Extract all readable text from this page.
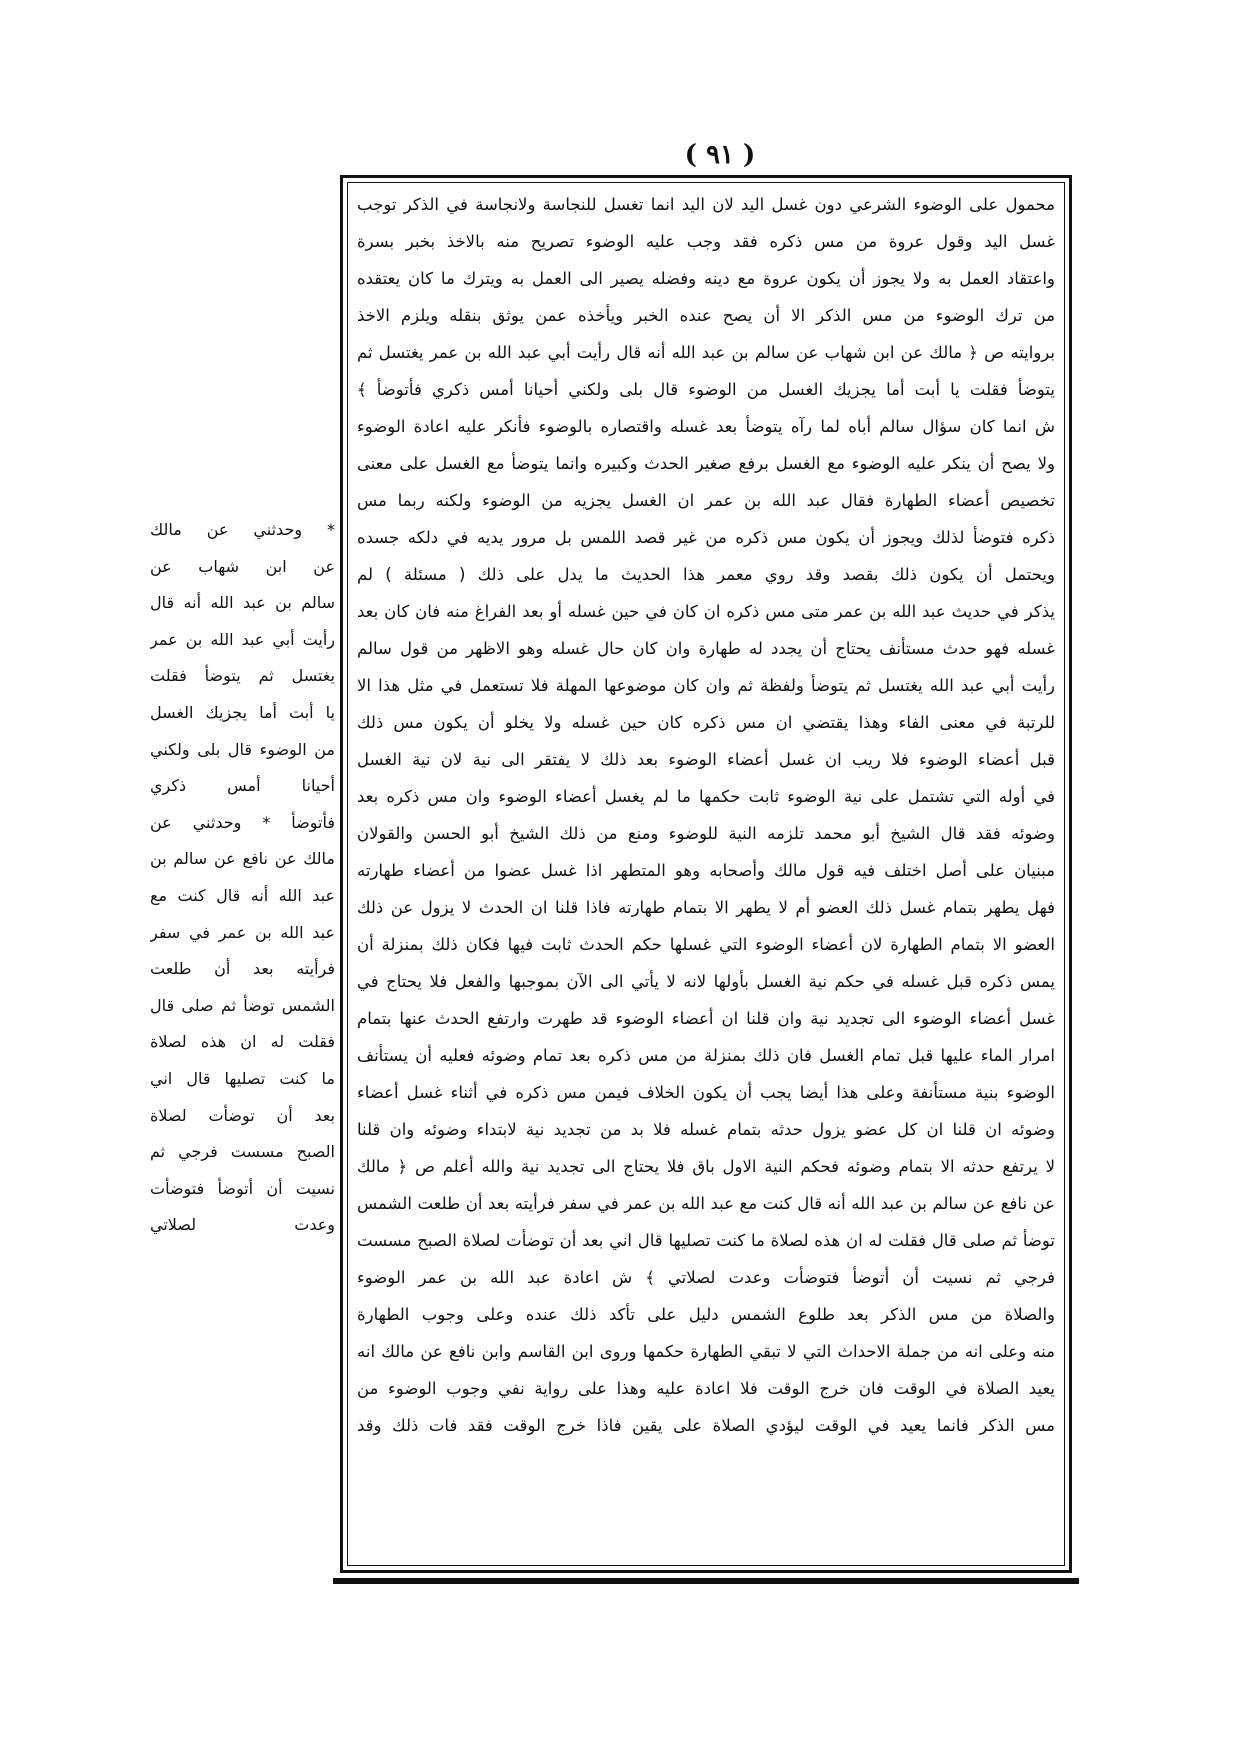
( ٩١ )
محمول على الوضوء الشرعي دون غسل اليد لان اليد انما تغسل للنجاسة ولانجاسة في الذكر توجب
غسل اليد وقول عروة من مس ذكره فقد وجب عليه الوضوء تصريح منه بالاخذ بخبر بسرة
واعتقاد العمل به ولا يجوز أن يكون عروة مع دينه وفضله يصير الى العمل به ويترك ما كان يعتقده
من ترك الوضوء من مس الذكر الا أن يصح عنده الخبر ويأخذه عمن يوثق بنقله ويلزم الاخذ
بروايته ص ﴿ مالك عن ابن شهاب عن سالم بن عبد الله أنه قال رأيت أبي عبد الله بن عمر يغتسل ثم
يتوضأ فقلت يا أبت أما يجزيك الغسل من الوضوء قال بلى ولكني أحيانا أمس ذكري فأتوضأ ﴾
ش انما كان سؤال سالم أباه لما رآه يتوضأ بعد غسله واقتصاره بالوضوء فأنكر عليه اعادة الوضوء
ولا يصح أن ينكر عليه الوضوء مع الغسل برفع صغير الحدث وكبيره وانما يتوضأ مع الغسل على معنى
تخصيص أعضاء الطهارة فقال عبد الله بن عمر ان الغسل يجزيه من الوضوء ولكنه ربما مس
ذكره فتوضأ لذلك ويجوز أن يكون مس ذكره من غير قصد اللمس بل مرور يديه في دلكه جسده
ويحتمل أن يكون ذلك بقصد وقد روي معمر هذا الحديث ما يدل على ذلك ( مسئلة ) لم
يذكر في حديث عبد الله بن عمر متى مس ذكره ان كان في حين غسله أو بعد الفراغ منه فان كان بعد
غسله فهو حدث مستأنف يحتاج أن يجدد له طهارة وان كان حال غسله وهو الاظهر من قول سالم
رأيت أبي عبد الله يغتسل ثم يتوضأ ولفظة ثم وان كان موضوعها المهلة فلا تستعمل في مثل هذا الا
للرتبة في معنى الفاء وهذا يقتضي ان مس ذكره كان حين غسله ولا يخلو أن يكون مس ذلك
قبل أعضاء الوضوء فلا ريب ان غسل أعضاء الوضوء بعد ذلك لا يفتقر الى نية لان نية الغسل
في أوله التي تشتمل على نية الوضوء ثابت حكمها ما لم يغسل أعضاء الوضوء وان مس ذكره بعد
وضوئه فقد قال الشيخ أبو محمد تلزمه النية للوضوء ومنع من ذلك الشيخ أبو الحسن والقولان
مبنيان على أصل اختلف فيه قول مالك وأصحابه وهو المتطهر اذا غسل عضوا من أعضاء طهارته
فهل يطهر بتمام غسل ذلك العضو أم لا يطهر الا بتمام طهارته فاذا قلنا ان الحدث لا يزول عن ذلك
العضو الا بتمام الطهارة لان أعضاء الوضوء التي غسلها حكم الحدث ثابت فيها فكان ذلك بمنزلة أن
يمس ذكره قبل غسله في حكم نية الغسل بأولها لانه لا يأتي الى الآن بموجبها والفعل فلا يحتاج في
غسل أعضاء الوضوء الى تجديد نية وان قلنا ان أعضاء الوضوء قد طهرت وارتفع الحدث عنها بتمام
امرار الماء عليها قبل تمام الغسل فان ذلك بمنزلة من مس ذكره بعد تمام وضوئه فعليه أن يستأنف
الوضوء بنية مستأنفة وعلى هذا أيضا يجب أن يكون الخلاف فيمن مس ذكره في أثناء غسل أعضاء
وضوئه ان قلنا ان كل عضو يزول حدثه بتمام غسله فلا بد من تجديد نية لابتداء وضوئه وان قلنا
لا يرتفع حدثه الا بتمام وضوئه فحكم النية الاول باق فلا يحتاج الى تجديد نية والله أعلم ص ﴿ مالك
عن نافع عن سالم بن عبد الله أنه قال كنت مع عبد الله بن عمر في سفر فرأيته بعد أن طلعت الشمس
توضأ ثم صلى قال فقلت له ان هذه لصلاة ما كنت تصليها قال اني بعد أن توضأت لصلاة الصبح مسست
فرجي ثم نسيت أن أتوضأ فتوضأت وعدت لصلاتي ﴾ ش اعادة عبد الله بن عمر الوضوء
والصلاة من مس الذكر بعد طلوع الشمس دليل على تأكد ذلك عنده وعلى وجوب الطهارة
منه وعلى انه من جملة الاحداث التي لا تبقي الطهارة حكمها وروى ابن القاسم وابن نافع عن مالك انه
يعيد الصلاة في الوقت فان خرج الوقت فلا اعادة عليه وهذا على رواية نفي وجوب الوضوء من
مس الذكر فانما يعيد في الوقت ليؤدي الصلاة على يقين فاذا خرج الوقت فقد فات ذلك وقد
* وحدثني عن مالك
عن ابن شهاب عن
سالم بن عبد الله أنه قال
رأيت أبي عبد الله بن عمر
يغتسل ثم يتوضأ فقلت
يا أبت أما يجزيك الغسل
من الوضوء قال بلى ولكني
أحيانا أمس ذكري
فأتوضأ * وحدثني عن
مالك عن نافع عن سالم بن
عبد الله أنه قال كنت مع
عبد الله بن عمر في سفر
فرأيته بعد أن طلعت
الشمس توضأ ثم صلى قال
فقلت له ان هذه لصلاة
ما كنت تصليها قال اني
بعد أن توضأت لصلاة
الصبح مسست فرجي ثم
نسيت أن أتوضأ فتوضأت
وعدت لصلاتي
